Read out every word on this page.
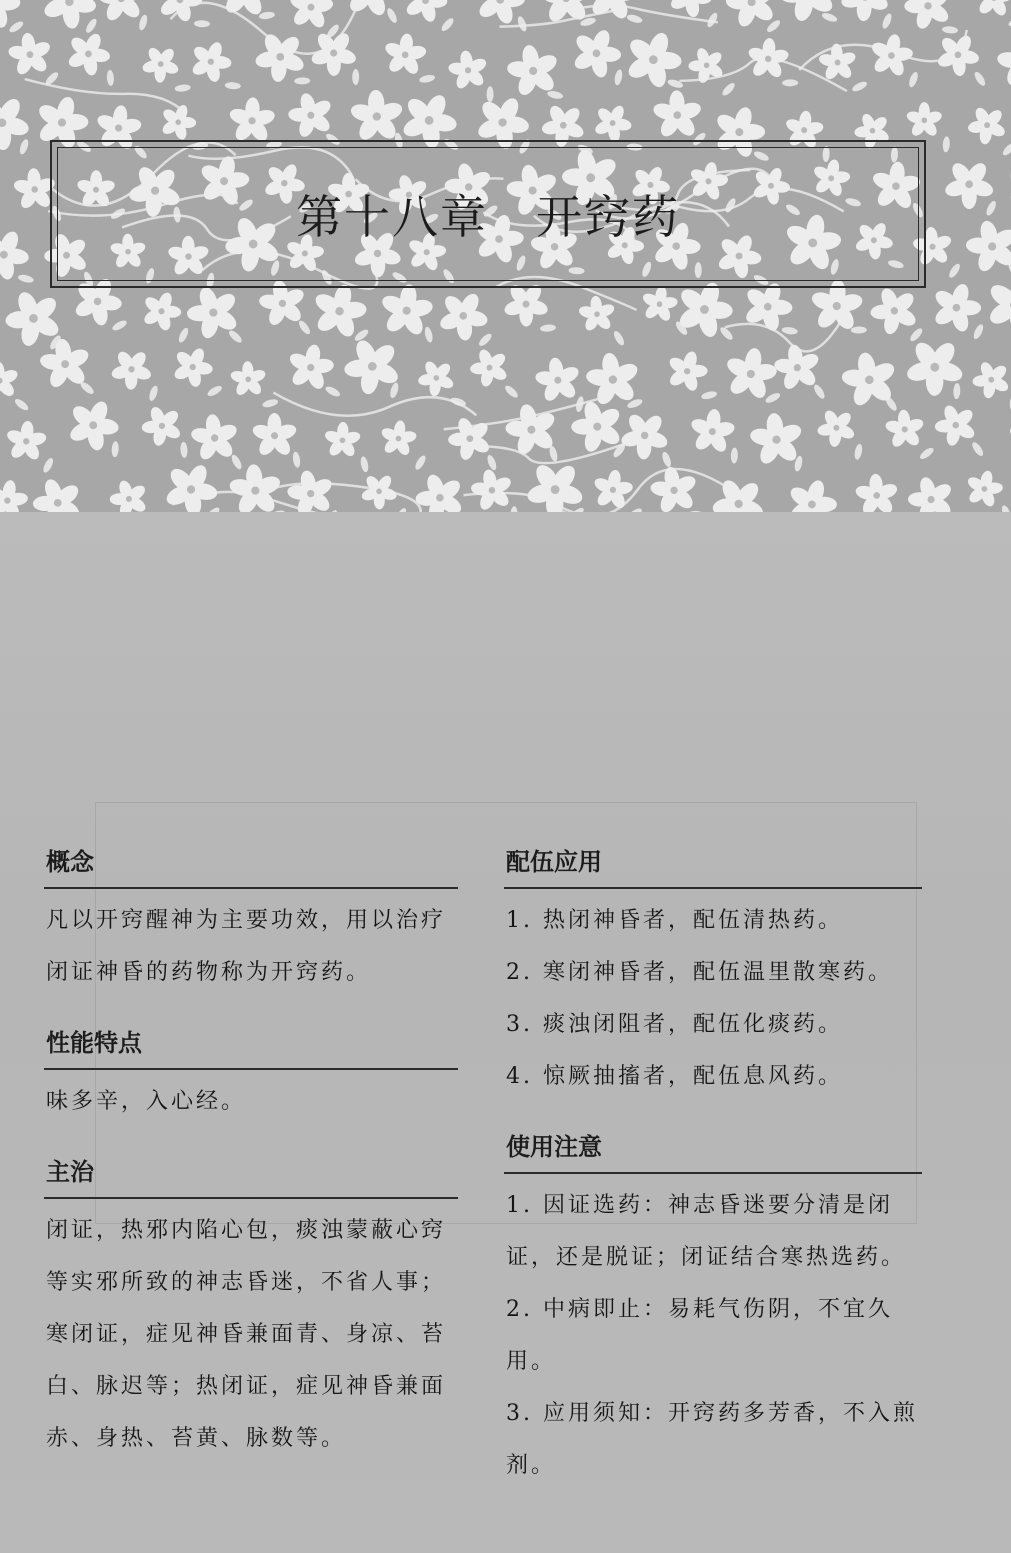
第十八章　开窍药
概念

凡以开窍醒神为主要功效，用以治疗闭证神昏的药物称为开窍药。

性能特点

味多辛，入心经。

主治

闭证，热邪内陷心包，痰浊蒙蔽心窍等实邪所致的神志昏迷，不省人事；寒闭证，症见神昏兼面青、身凉、苔白、脉迟等；热闭证，症见神昏兼面赤、身热、苔黄、脉数等。

配伍应用

1. 热闭神昏者，配伍清热药。

2. 寒闭神昏者，配伍温里散寒药。

3. 痰浊闭阻者，配伍化痰药。

4. 惊厥抽搐者，配伍息风药。

使用注意

1. 因证选药：神志昏迷要分清是闭证，还是脱证；闭证结合寒热选药。

2. 中病即止：易耗气伤阴，不宜久用。

3. 应用须知：开窍药多芳香，不入煎剂。
